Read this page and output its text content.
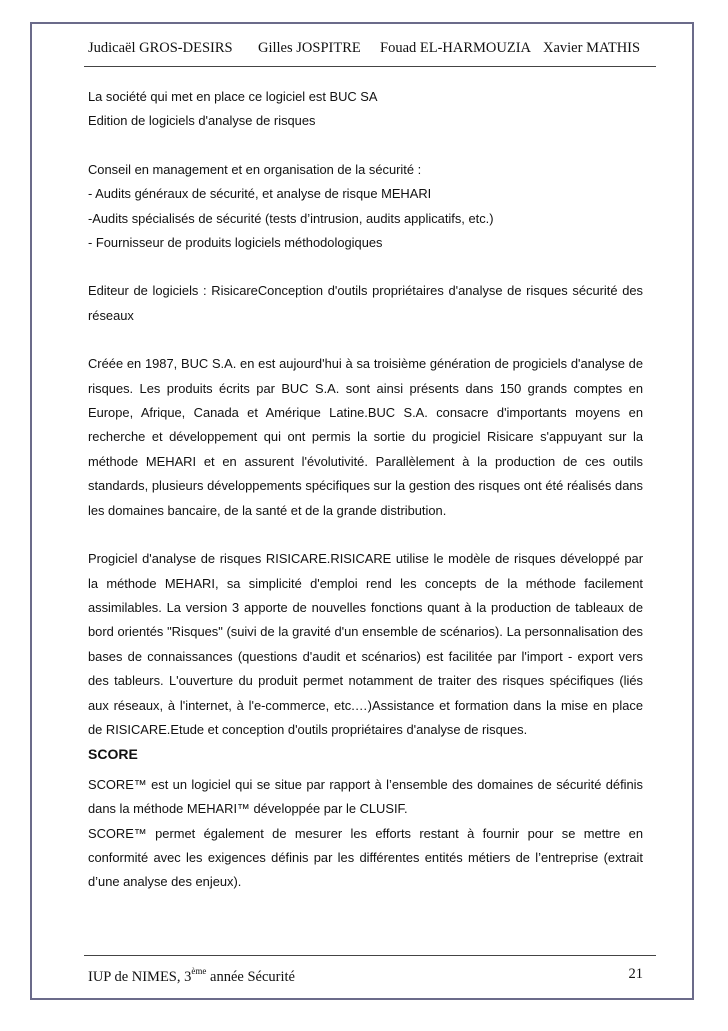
Judicaël GROS-DESIRS Gilles JOSPITRE Fouad EL-HARMOUZIA Xavier MATHIS

La société qui met en place ce logiciel est BUC SA

Edition de logiciels d'analyse de risques

Conseil en management et en organisation de la sécurité :

- Audits généraux de sécurité, et analyse de risque MEHARI

-Audits spécialisés de sécurité (tests d’intrusion, audits applicatifs, etc.)

- Fournisseur de produits logiciels méthodologiques

Editeur de logiciels : RisicareConception d'outils propriétaires d'analyse de risques sécurité des réseaux

Créée en 1987, BUC S.A. en est aujourd'hui à sa troisième génération de progiciels d'analyse de risques. Les produits écrits par BUC S.A. sont ainsi présents dans 150 grands comptes en Europe, Afrique, Canada et Amérique Latine.BUC S.A. consacre d'importants moyens en recherche et développement qui ont permis la sortie du progiciel Risicare s'appuyant sur la méthode MEHARI et en assurent l'évolutivité. Parallèlement à la production de ces outils standards, plusieurs développements spécifiques sur la gestion des risques ont été réalisés dans les domaines bancaire, de la santé et de la grande distribution.

Progiciel d'analyse de risques RISICARE.RISICARE utilise le modèle de risques développé par la méthode MEHARI, sa simplicité d'emploi rend les concepts de la méthode facilement assimilables. La version 3 apporte de nouvelles fonctions quant à la production de tableaux de bord orientés "Risques" (suivi de la gravité d'un ensemble de scénarios). La personnalisation des bases de connaissances (questions d'audit et scénarios) est facilitée par l'import - export vers des tableurs. L'ouverture du produit permet notamment de traiter des risques spécifiques (liés aux réseaux, à l'internet, à l'e-commerce, etc.…)Assistance et formation dans la mise en place de RISICARE.Etude et conception d'outils propriétaires d'analyse de risques.

SCORE

SCORE™ est un logiciel qui se situe par rapport à l’ensemble des domaines de sécurité définis dans la méthode MEHARI™ développée par le CLUSIF.

SCORE™ permet également de mesurer les efforts restant à fournir pour se mettre en conformité avec les exigences définis par les différentes entités métiers de l’entreprise (extrait d’une analyse des enjeux).

IUP de NIMES, 3ème année Sécurité	21
